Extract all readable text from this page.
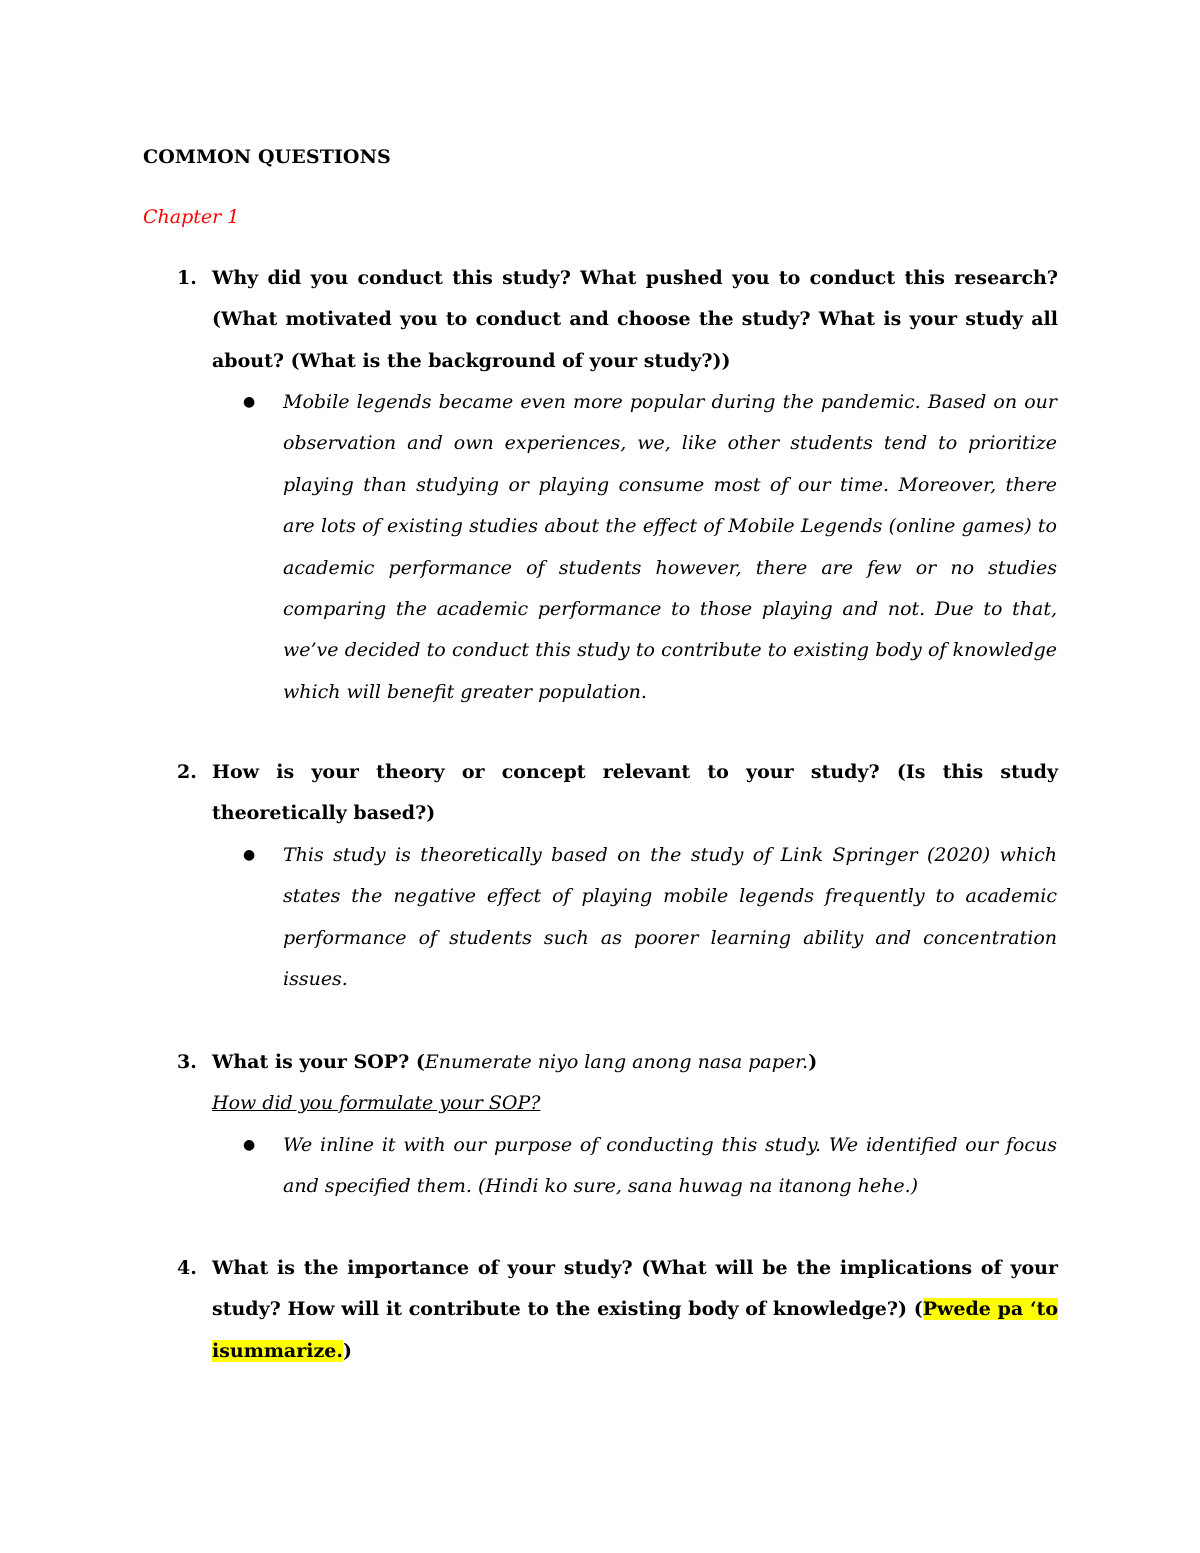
COMMON QUESTIONS
Chapter 1
1. Why did you conduct this study? What pushed you to conduct this research? (What motivated you to conduct and choose the study? What is your study all about? (What is the background of your study?))
● Mobile legends became even more popular during the pandemic. Based on our observation and own experiences, we, like other students tend to prioritize playing than studying or playing consume most of our time. Moreover, there are lots of existing studies about the effect of Mobile Legends (online games) to academic performance of students however, there are few or no studies comparing the academic performance to those playing and not. Due to that, we’ve decided to conduct this study to contribute to existing body of knowledge which will benefit greater population.
2. How is your theory or concept relevant to your study? (Is this study theoretically based?)
● This study is theoretically based on the study of Link Springer (2020) which states the negative effect of playing mobile legends frequently to academic performance of students such as poorer learning ability and concentration issues.
3. What is your SOP? (Enumerate niyo lang anong nasa paper.)
How did you formulate your SOP?
● We inline it with our purpose of conducting this study. We identified our focus and specified them. (Hindi ko sure, sana huwag na itanong hehe.)
4. What is the importance of your study? (What will be the implications of your study? How will it contribute to the existing body of knowledge?) (Pwede pa ‘to isummarize.)
